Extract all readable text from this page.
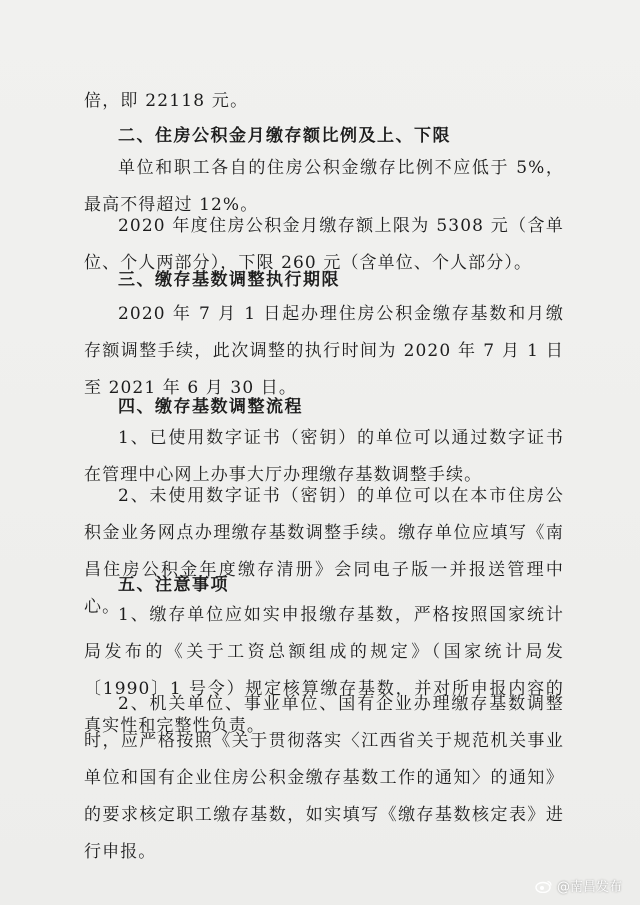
倍，即 22118 元。
二、住房公积金月缴存额比例及上、下限
单位和职工各自的住房公积金缴存比例不应低于 5%，最高不得超过 12%。
2020 年度住房公积金月缴存额上限为 5308 元（含单位、个人两部分），下限 260 元（含单位、个人部分）。
三、缴存基数调整执行期限
2020 年 7 月 1 日起办理住房公积金缴存基数和月缴存额调整手续，此次调整的执行时间为 2020 年 7 月 1 日至 2021 年 6 月 30 日。
四、缴存基数调整流程
1、已使用数字证书（密钥）的单位可以通过数字证书在管理中心网上办事大厅办理缴存基数调整手续。
2、未使用数字证书（密钥）的单位可以在本市住房公积金业务网点办理缴存基数调整手续。缴存单位应填写《南昌住房公积金年度缴存清册》会同电子版一并报送管理中心。
五、注意事项
1、缴存单位应如实申报缴存基数，严格按照国家统计局发布的《关于工资总额组成的规定》（国家统计局发〔1990〕1 号令）规定核算缴存基数，并对所申报内容的真实性和完整性负责。
2、机关单位、事业单位、国有企业办理缴存基数调整时，应严格按照《关于贯彻落实〈江西省关于规范机关事业单位和国有企业住房公积金缴存基数工作的通知〉的通知》的要求核定职工缴存基数，如实填写《缴存基数核定表》进行申报。
@南昌发布
